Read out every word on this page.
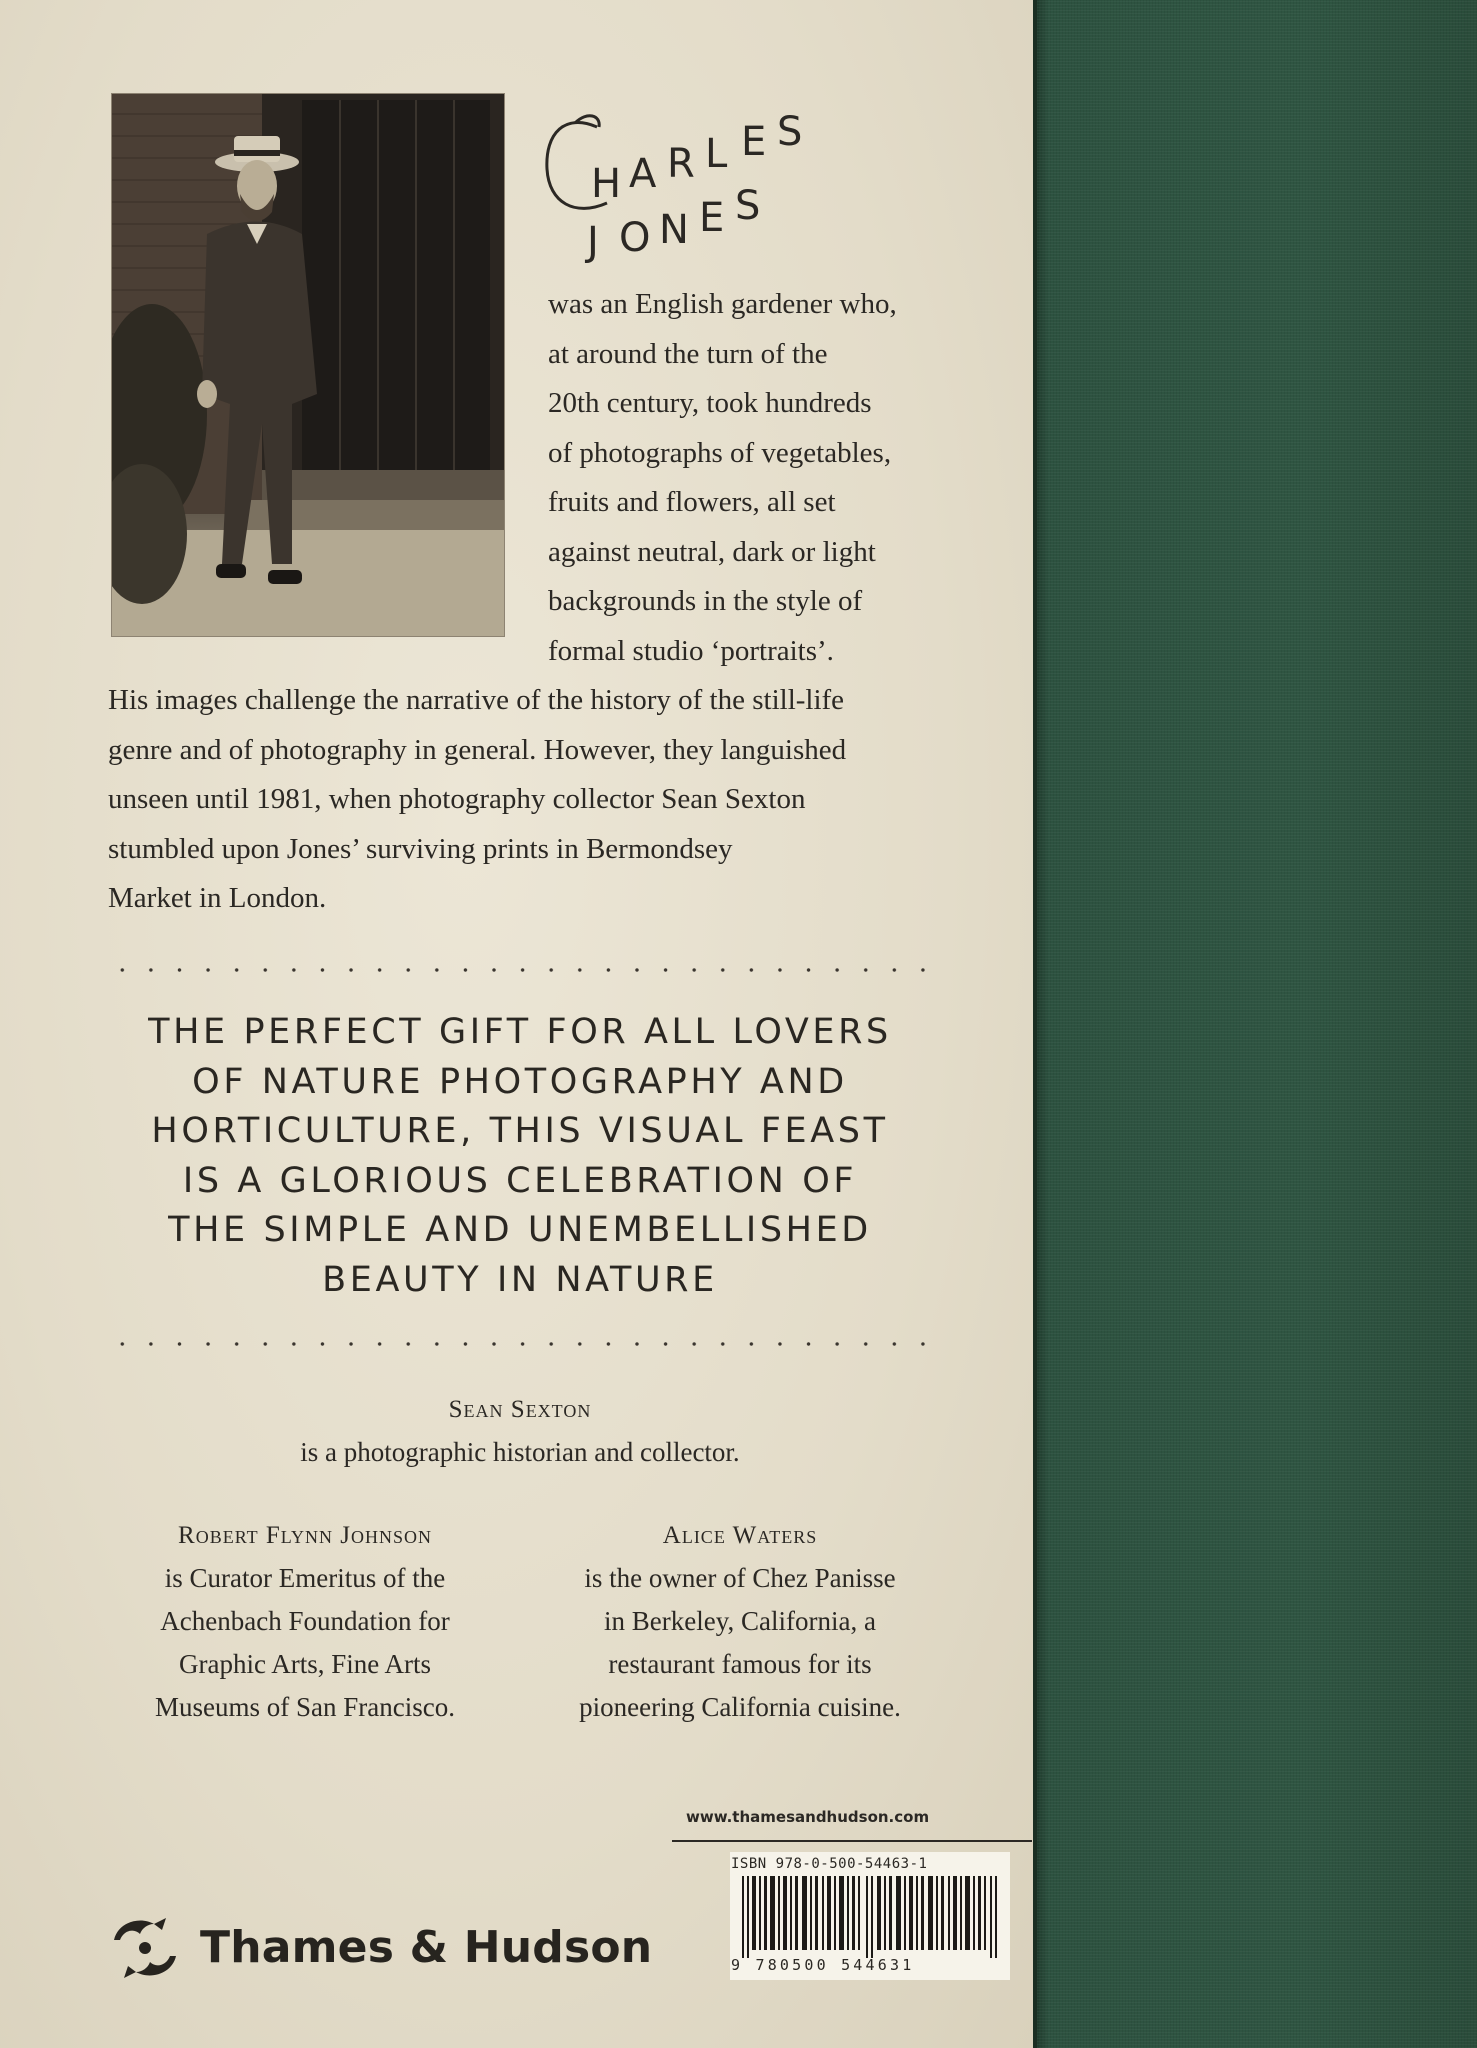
H A R L E S
J O N E S
was an English gardener who,
at around the turn of the
20th century, took hundreds
of photographs of vegetables,
fruits and flowers, all set
against neutral, dark or light
backgrounds in the style of
formal studio ‘portraits’.
His images challenge the narrative of the history of the still-life
genre and of photography in general. However, they languished
unseen until 1981, when photography collector Sean Sexton
stumbled upon Jones’ surviving prints in Bermondsey
Market in London.
THE PERFECT GIFT FOR ALL LOVERS
OF NATURE PHOTOGRAPHY AND
HORTICULTURE, THIS VISUAL FEAST
IS A GLORIOUS CELEBRATION OF
THE SIMPLE AND UNEMBELLISHED
BEAUTY IN NATURE
Sean Sexton
is a photographic historian and collector.
Robert Flynn Johnson
is Curator Emeritus of the
Achenbach Foundation for
Graphic Arts, Fine Arts
Museums of San Francisco.
Alice Waters
is the owner of Chez Panisse
in Berkeley, California, a
restaurant famous for its
pioneering California cuisine.
www.thamesandhudson.com
ISBN 978-0-500-54463-1
9 780500 544631
Thames & Hudson
